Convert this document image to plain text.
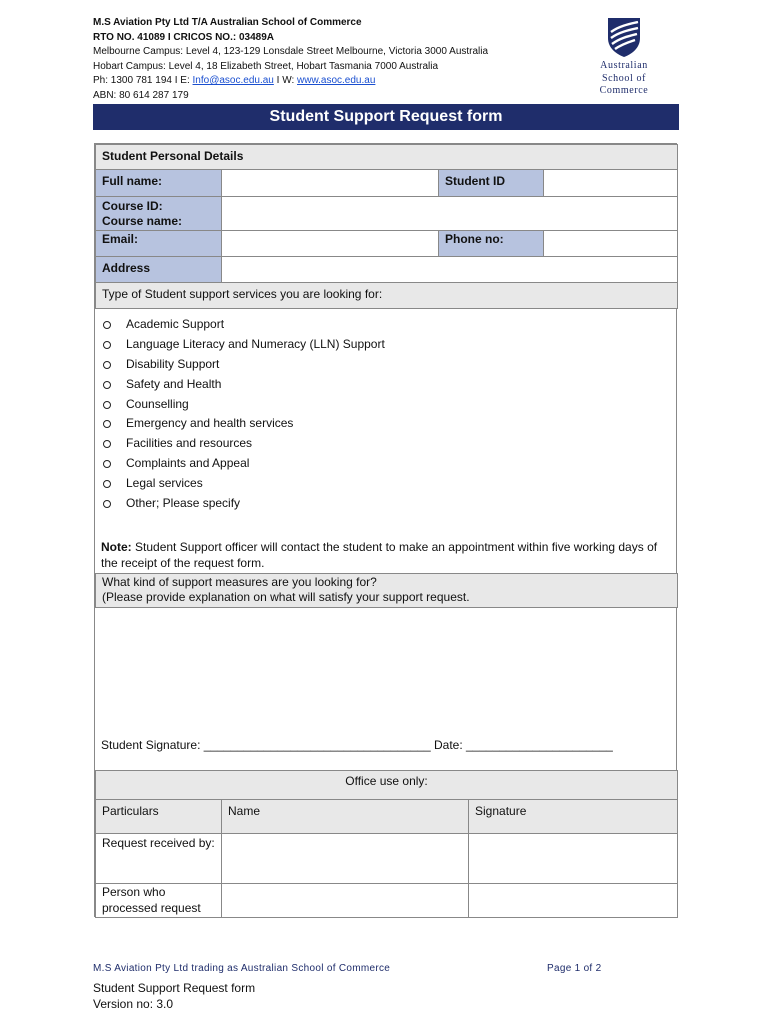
M.S Aviation Pty Ltd T/A Australian School of Commerce
RTO NO. 41089 I CRICOS NO.: 03489A
Melbourne Campus: Level 4, 123-129 Lonsdale Street Melbourne, Victoria 3000 Australia
Hobart Campus: Level 4, 18 Elizabeth Street, Hobart Tasmania 7000 Australia
Ph: 1300 781 194 I E: Info@asoc.edu.au I W: www.asoc.edu.au
ABN: 80 614 287 179
Australian
School of
Commerce
Student Support Request form
Student Personal Details
Full name:	Student ID
Course ID:
Course name:
Email:	Phone no:
Address
Type of Student support services you are looking for:
Academic Support
Language Literacy and Numeracy (LLN) Support
Disability Support
Safety and Health
Counselling
Emergency and health services
Facilities and resources
Complaints and Appeal
Legal services
Other; Please specify
Note: Student Support officer will contact the student to make an appointment within five working days of the receipt of the request form.
What kind of support measures are you looking for?
(Please provide explanation on what will satisfy your support request.
Student Signature: __________________________________ Date: ______________________
Office use only:
Particulars	Name	Signature
Request received by:
Person who processed request
M.S Aviation Pty Ltd trading as Australian School of Commerce	Page 1 of 2
Student Support Request form
Version no: 3.0
